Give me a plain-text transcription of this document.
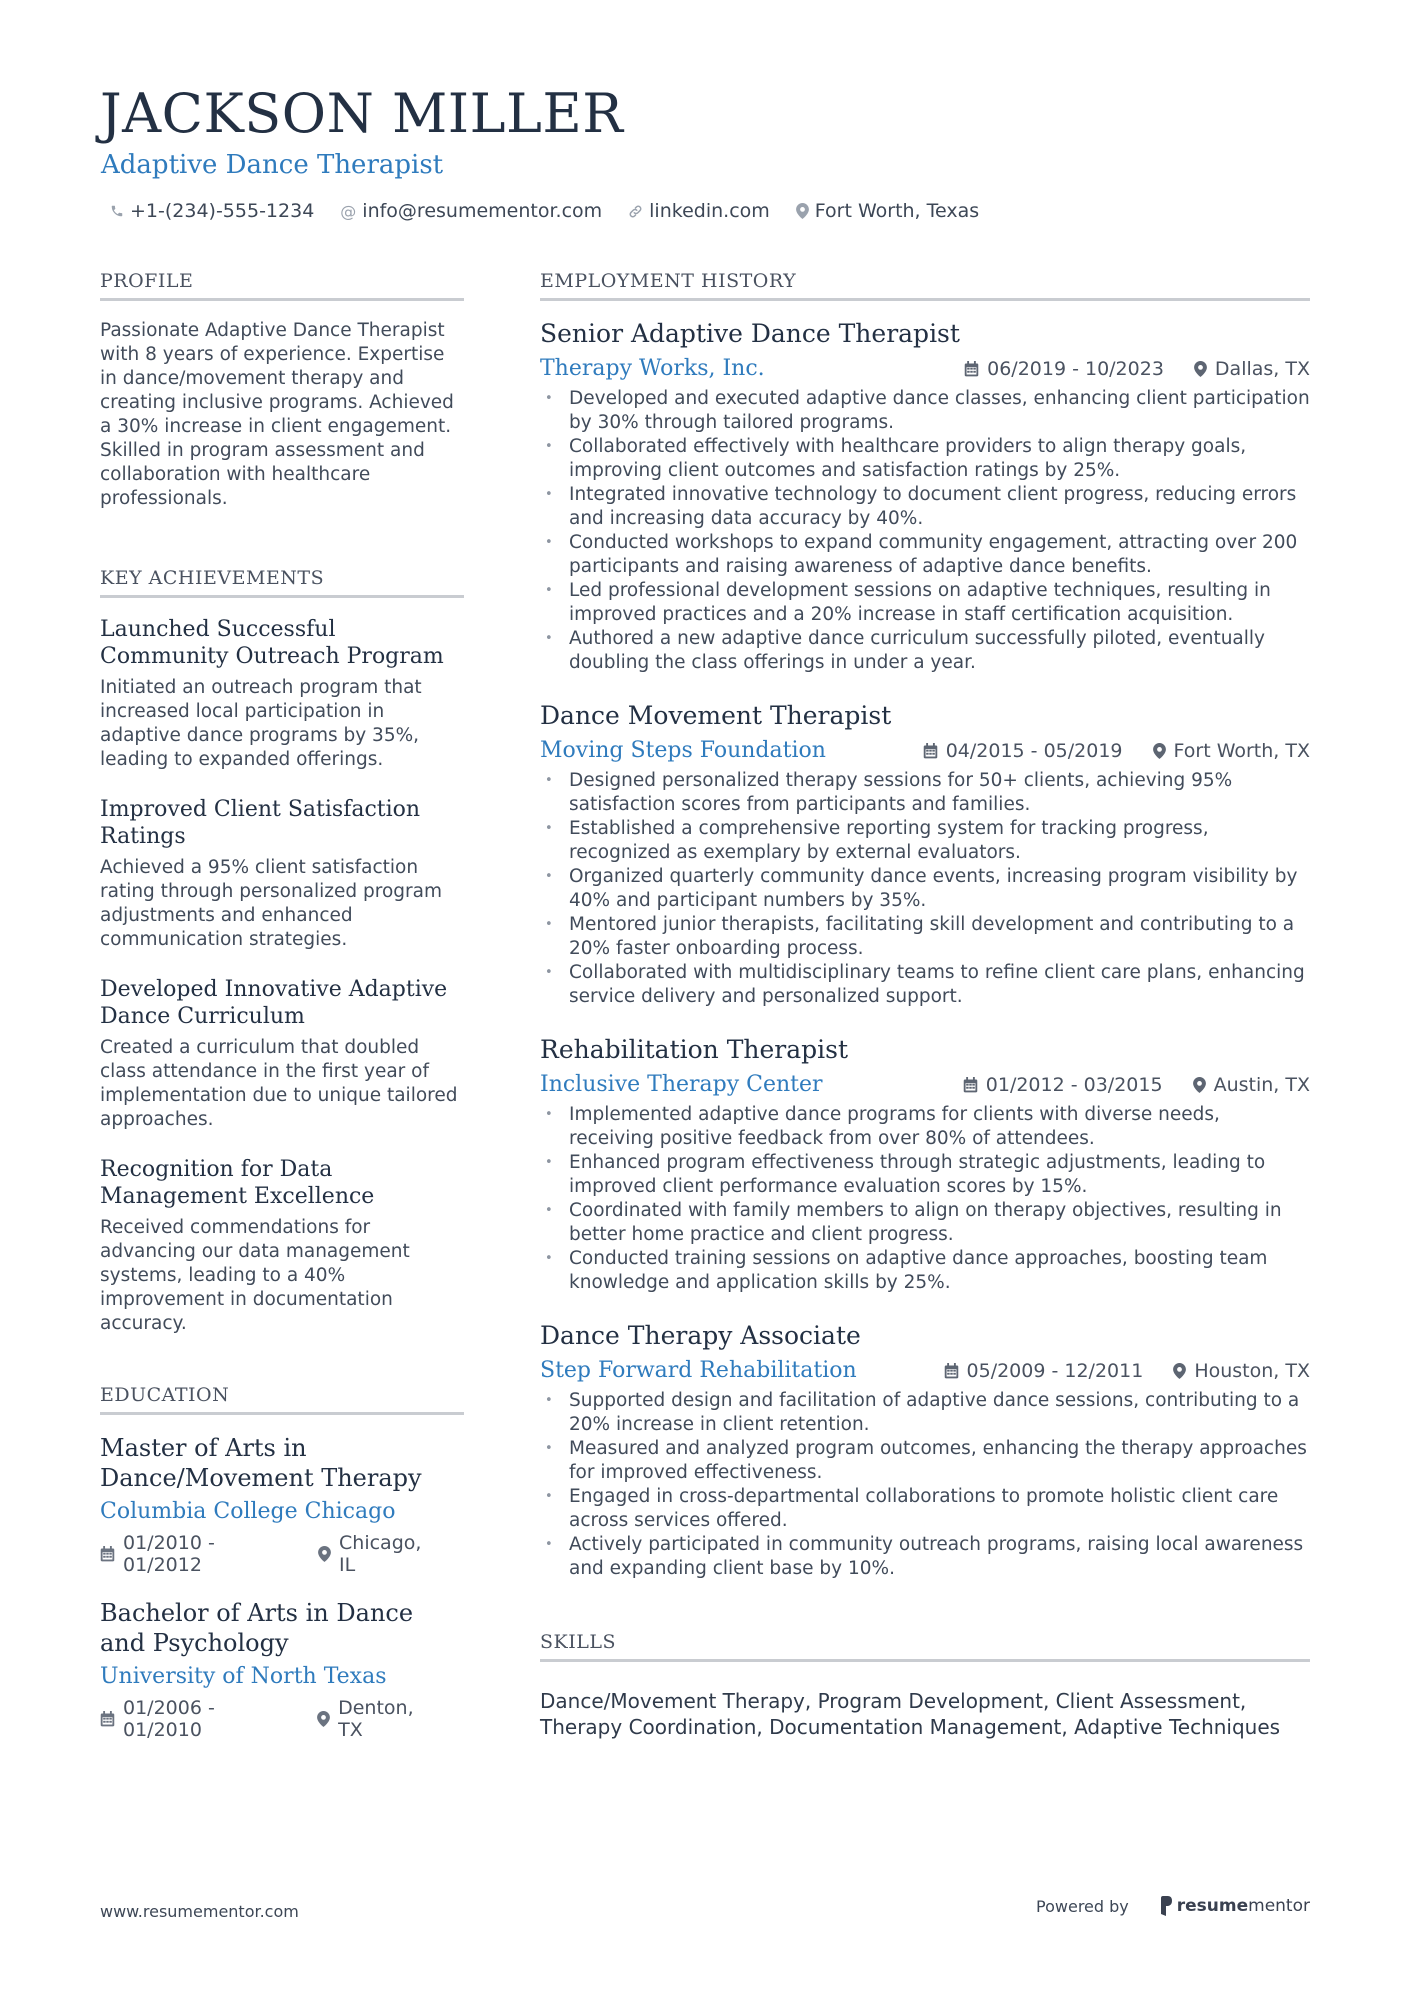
JACKSON MILLER
Adaptive Dance Therapist
+1-(234)-555-1234 @ info@resumementor.com linkedin.com Fort Worth, Texas
PROFILE

Passionate Adaptive Dance Therapist with 8 years of experience. Expertise in dance/movement therapy and creating inclusive programs. Achieved a 30% increase in client engagement. Skilled in program assessment and collaboration with healthcare professionals.

KEY ACHIEVEMENTS
Launched Successful Community Outreach Program
Initiated an outreach program that increased local participation in adaptive dance programs by 35%, leading to expanded offerings.
Improved Client Satisfaction Ratings
Achieved a 95% client satisfaction rating through personalized program adjustments and enhanced communication strategies.
Developed Innovative Adaptive Dance Curriculum
Created a curriculum that doubled class attendance in the first year of implementation due to unique tailored approaches.
Recognition for Data Management Excellence
Received commendations for advancing our data management systems, leading to a 40% improvement in documentation accuracy.
EDUCATION
Master of Arts in Dance/Movement Therapy
Columbia College Chicago
01/2010 - 01/2012
Chicago, IL
Bachelor of Arts in Dance and Psychology
University of North Texas
01/2006 - 01/2010
Denton, TX
EMPLOYMENT HISTORY
Senior Adaptive Dance Therapist
Therapy Works, Inc.	06/2019 - 10/2023	Dallas, TX
• Developed and executed adaptive dance classes, enhancing client participation by 30% through tailored programs.
• Collaborated effectively with healthcare providers to align therapy goals, improving client outcomes and satisfaction ratings by 25%.
• Integrated innovative technology to document client progress, reducing errors and increasing data accuracy by 40%.
• Conducted workshops to expand community engagement, attracting over 200 participants and raising awareness of adaptive dance benefits.
• Led professional development sessions on adaptive techniques, resulting in improved practices and a 20% increase in staff certification acquisition.
• Authored a new adaptive dance curriculum successfully piloted, eventually doubling the class offerings in under a year.
Dance Movement Therapist
Moving Steps Foundation	04/2015 - 05/2019	Fort Worth, TX
• Designed personalized therapy sessions for 50+ clients, achieving 95% satisfaction scores from participants and families.
• Established a comprehensive reporting system for tracking progress, recognized as exemplary by external evaluators.
• Organized quarterly community dance events, increasing program visibility by 40% and participant numbers by 35%.
• Mentored junior therapists, facilitating skill development and contributing to a 20% faster onboarding process.
• Collaborated with multidisciplinary teams to refine client care plans, enhancing service delivery and personalized support.
Rehabilitation Therapist
Inclusive Therapy Center	01/2012 - 03/2015	Austin, TX
• Implemented adaptive dance programs for clients with diverse needs, receiving positive feedback from over 80% of attendees.
• Enhanced program effectiveness through strategic adjustments, leading to improved client performance evaluation scores by 15%.
• Coordinated with family members to align on therapy objectives, resulting in better home practice and client progress.
• Conducted training sessions on adaptive dance approaches, boosting team knowledge and application skills by 25%.
Dance Therapy Associate
Step Forward Rehabilitation	05/2009 - 12/2011	Houston, TX
• Supported design and facilitation of adaptive dance sessions, contributing to a 20% increase in client retention.
• Measured and analyzed program outcomes, enhancing the therapy approaches for improved effectiveness.
• Engaged in cross-departmental collaborations to promote holistic client care across services offered.
• Actively participated in community outreach programs, raising local awareness and expanding client base by 10%.
SKILLS
Dance/Movement Therapy, Program Development, Client Assessment, Therapy Coordination, Documentation Management, Adaptive Techniques
www.resumementor.com	Powered by	resume mentor
